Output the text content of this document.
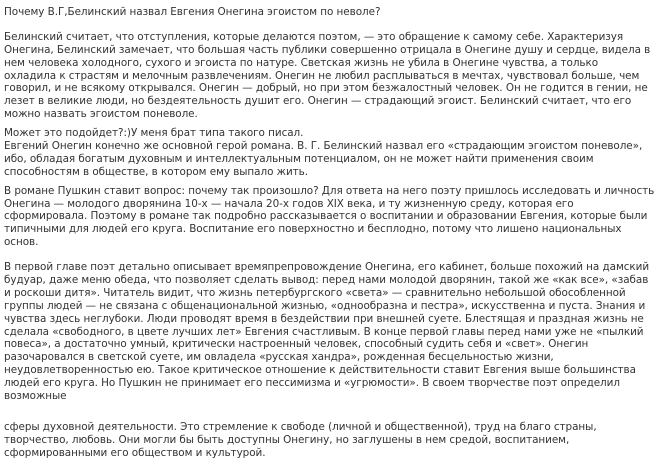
Почему В.Г,Белинский назвал Евгения Онегина эгоистом по неволе?

Белинский считает, что отступления, которые делаются поэтом, — это обращение к самому себе. Характеризуя
Онегина, Белинский замечает, что большая часть публики совершенно отрицала в Онегине душу и сердце, видела в
нем человека холодного, сухого и эгоиста по натуре. Светская жизнь не убила в Онегине чувства, а только
охладила к страстям и мелочным развлечениям. Онегин не любил расплываться в мечтах, чувствовал больше, чем
говорил, и не всякому открывался. Онегин — добрый, но при этом безжалостный человек. Он не годится в гении, не
лезет в великие люди, но бездеятельность душит его. Онегин — страдающий эгоист. Белинский считает, что его
можно назвать эгоистом поневоле.

Может это подойдет?:)У меня брат типа такого писал.
Евгений Онегин конечно же основной герой романа. В. Г. Белинский назвал его «страдающим эгоистом поневоле»,
ибо, обладая богатым духовным и интеллектуальным потенциалом, он не может найти применения своим
способностям в обществе, в котором ему выпало жить.

В романе Пушкин ставит вопрос: почему так произошло? Для ответа на него поэту пришлось исследовать и личность
Онегина — молодого дворянина 10-х — начала 20-х годов XIX века, и ту жизненную среду, которая его
сформировала. Поэтому в романе так подробно рассказывается о воспитании и образовании Евгения, которые были
типичными для людей его круга. Воспитание его поверхностно и бесплодно, потому что лишено национальных
основ.

В первой главе поэт детально описывает времяпрепровождение Онегина, его кабинет, больше похожий на дамский
будуар, даже меню обеда, что позволяет сделать вывод: перед нами молодой дворянин, такой же «как все», «забав
и роскоши дитя». Читатель видит, что жизнь петербургского «света» — сравнительно небольшой обособленной
группы людей — не связана с общенациональной жизнью, «однообразна и пестра», искусственна и пуста. Знания и
чувства здесь неглубоки. Люди проводят время в бездействии при внешней суете. Блестящая и праздная жизнь не
сделала «свободного, в цвете лучших лет» Евгения счастливым. В конце первой главы перед нами уже не «пылкий
повеса», а достаточно умный, критически настроенный человек, способный судить себя и «свет». Онегин
разочаровался в светской суете, им овладела «русская хандра», рожденная бесцельностью жизни,
неудовлетворенностью ею. Такое критическое отношение к действительности ставит Евгения выше большинства
людей его круга. Но Пушкин не принимает его пессимизма и «угрюмости». В своем творчестве поэт определил
возможные

сферы духовной деятельности. Это стремление к свободе (личной и общественной), труд на благо страны,
творчество, любовь. Они могли бы быть доступны Онегину, но заглушены в нем средой, воспитанием,
сформированными его обществом и культурой.
